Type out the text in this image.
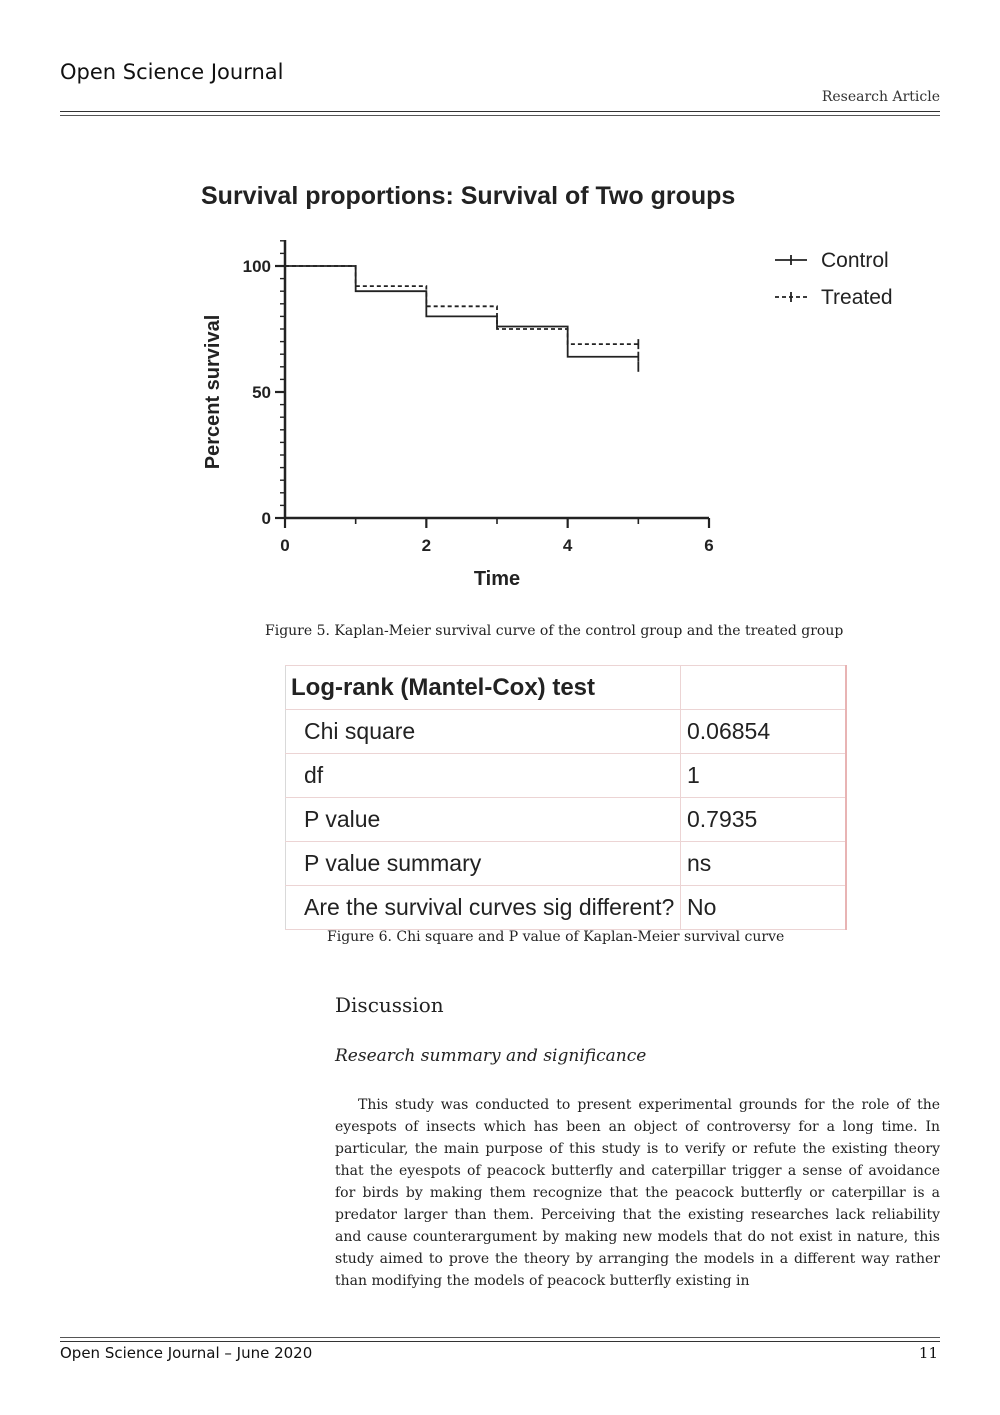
Open Science Journal
Research Article
Survival proportions: Survival of Two groups
Percent survival
Time
0
50
100
0	2	4	6
Control
Treated
Figure 5. Kaplan-Meier survival curve of the control group and the treated group
Log-rank (Mantel-Cox) test	
Chi square	0.06854
df	1
P value	0.7935
P value summary	ns
Are the survival curves sig different?	No
Figure 6. Chi square and P value of Kaplan-Meier survival curve
Discussion
Research summary and significance

This study was conducted to present experimental grounds for the role of the eyespots of insects which has been an object of controversy for a long time. In particular, the main purpose of this study is to verify or refute the existing theory that the eyespots of peacock butterfly and caterpillar trigger a sense of avoidance for birds by making them recognize that the peacock butterfly or caterpillar is a predator larger than them. Perceiving that the existing researches lack reliability and cause counterargument by making new models that do not exist in nature, this study aimed to prove the theory by arranging the models in a different way rather than modifying the models of peacock butterfly existing in

Open Science Journal – June 2020	11
